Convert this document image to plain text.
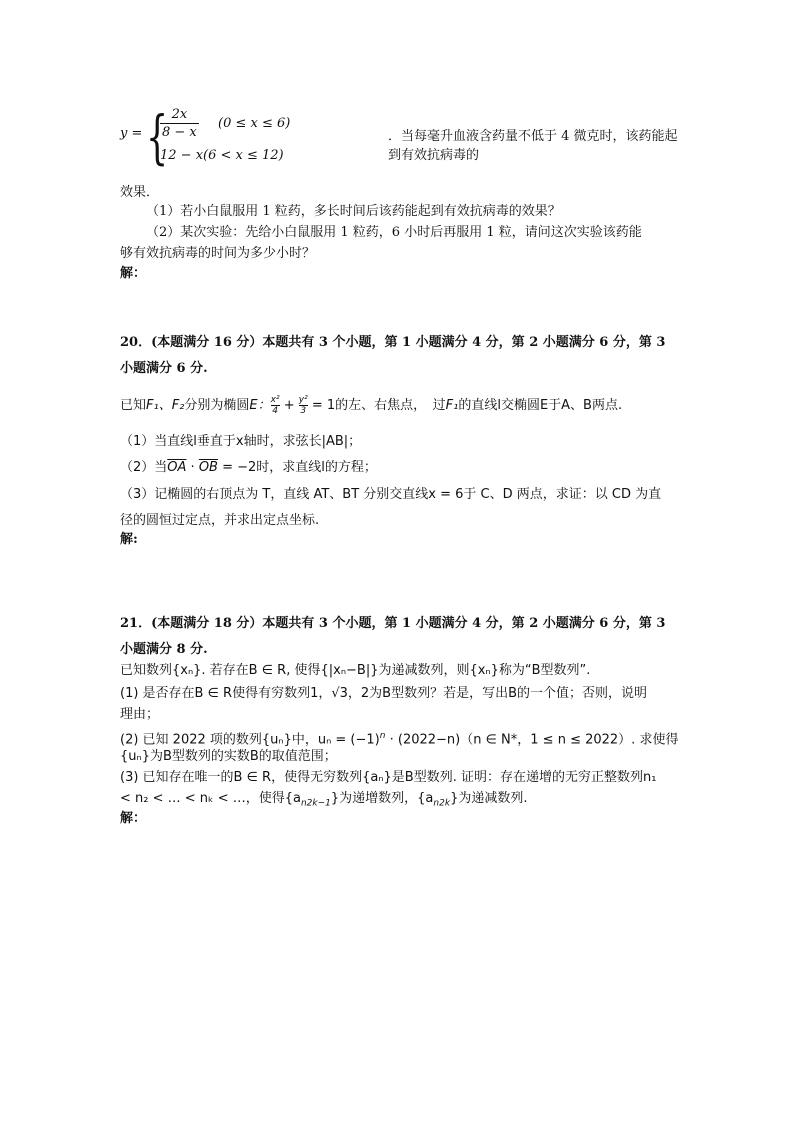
y = {
$\frac{2x}{8 - x} (0 \le x \le 6)$
12 − x(6 < x ≤ 12)
．当每毫升血液含药量不低于 4 微克时，该药能起到有效抗病毒的
效果．
（1）若小白鼠服用 1 粒药，多长时间后该药能起到有效抗病毒的效果？
（2）某次实验：先给小白鼠服用 1 粒药，6 小时后再服用 1 粒，请问这次实验该药能
够有效抗病毒的时间为多少小时？
解：
20．(本题满分 16 分）本题共有 3 个小题，第 1 小题满分 4 分，第 2 小题满分 6 分，第 3
小题满分 6 分.
已知F₁、F₂分别为椭圆E： $\frac{\text{x²}}{4} + \frac{\text{y²}}{3} = 1$的左、右焦点，　过F₁的直线l交椭圆E于A、B两点.
（1）当直线l垂直于x轴时，求弦长|AB|；
（2）当$\overline{OA} \cdot \overline{OB} = -2$时，求直线l的方程；
（3）记椭圆的右顶点为 T，直线 AT、BT 分别交直线x = 6于 C、D 两点，求证：以 CD 为直
径的圆恒过定点，并求出定点坐标.
解:
21．(本题满分 18 分）本题共有 3 个小题，第 1 小题满分 4 分，第 2 小题满分 6 分，第 3
小题满分 8 分.
已知数列{xₙ}. 若存在B ∈ R, 使得{|xₙ−B|}为递减数列，则{xₙ}称为“B型数列”.
(1) 是否存在B ∈ R使得有穷数列1，√3，2为B型数列？若是，写出B的一个值；否则，说明
理由；
(2) 已知 2022 项的数列{uₙ}中，$u_n = (-1)^n \cdot (2022-n)(n$ ∈ N*，1 ≤ n ≤ 2022）. 求使得
{uₙ}为B型数列的实数B的取值范围；
(3) 已知存在唯一的B ∈ R，使得无穷数列{aₙ}是B型数列. 证明：存在递增的无穷正整数列n₁
< n₂ < … < nₖ < …，使得$\{a_{n2k-1}\}$为递增数列，$\{a_{n2k}\}$为递减数列.
解：
